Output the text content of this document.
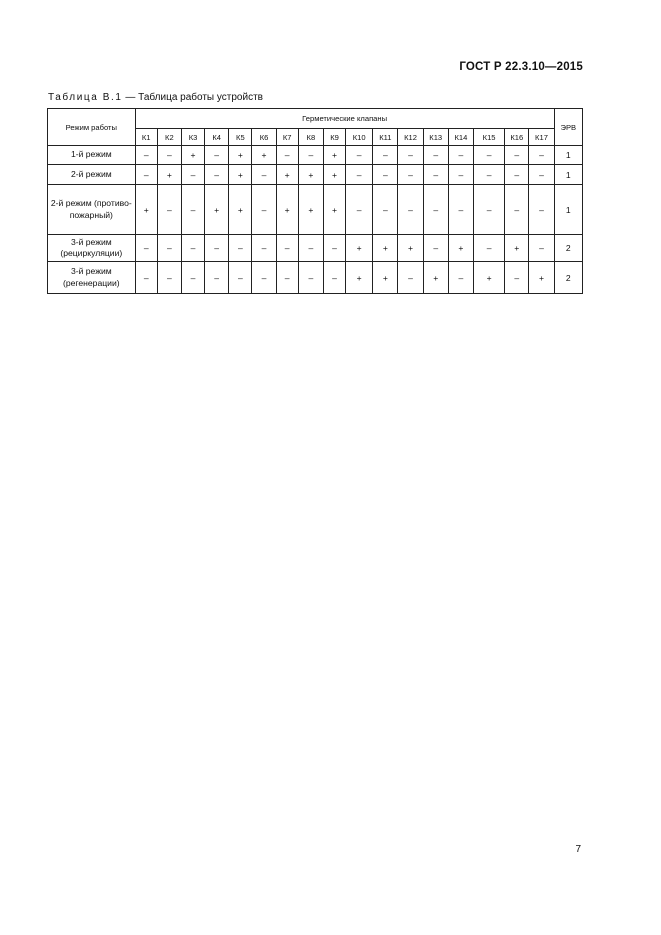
ГОСТ Р 22.3.10—2015
Таблица В.1 — Таблица работы устройств
Режим работы	Герметические клапаны																	ЭРВ
	К1	К2	К3	К4	К5	К6	К7	К8	К9	К10	К11	К12	К13	К14	К15	К16	К17	
1-й режим	–	–	+	–	+	+	–	–	+	–	–	–	–	–	–	–	–	1
2-й режим	–	+	–	–	+	–	+	+	+	–	–	–	–	–	–	–	–	1
2-й режим (противо-пожарный)	+	–	–	+	+	–	+	+	+	–	–	–	–	–	–	–	–	1
3-й режим (рециркуляции)	–	–	–	–	–	–	–	–	–	+	+	+	–	+	–	+	–	2
3-й режим (регенерации)	–	–	–	–	–	–	–	–	–	+	+	–	+	–	+	–	+	2
7
